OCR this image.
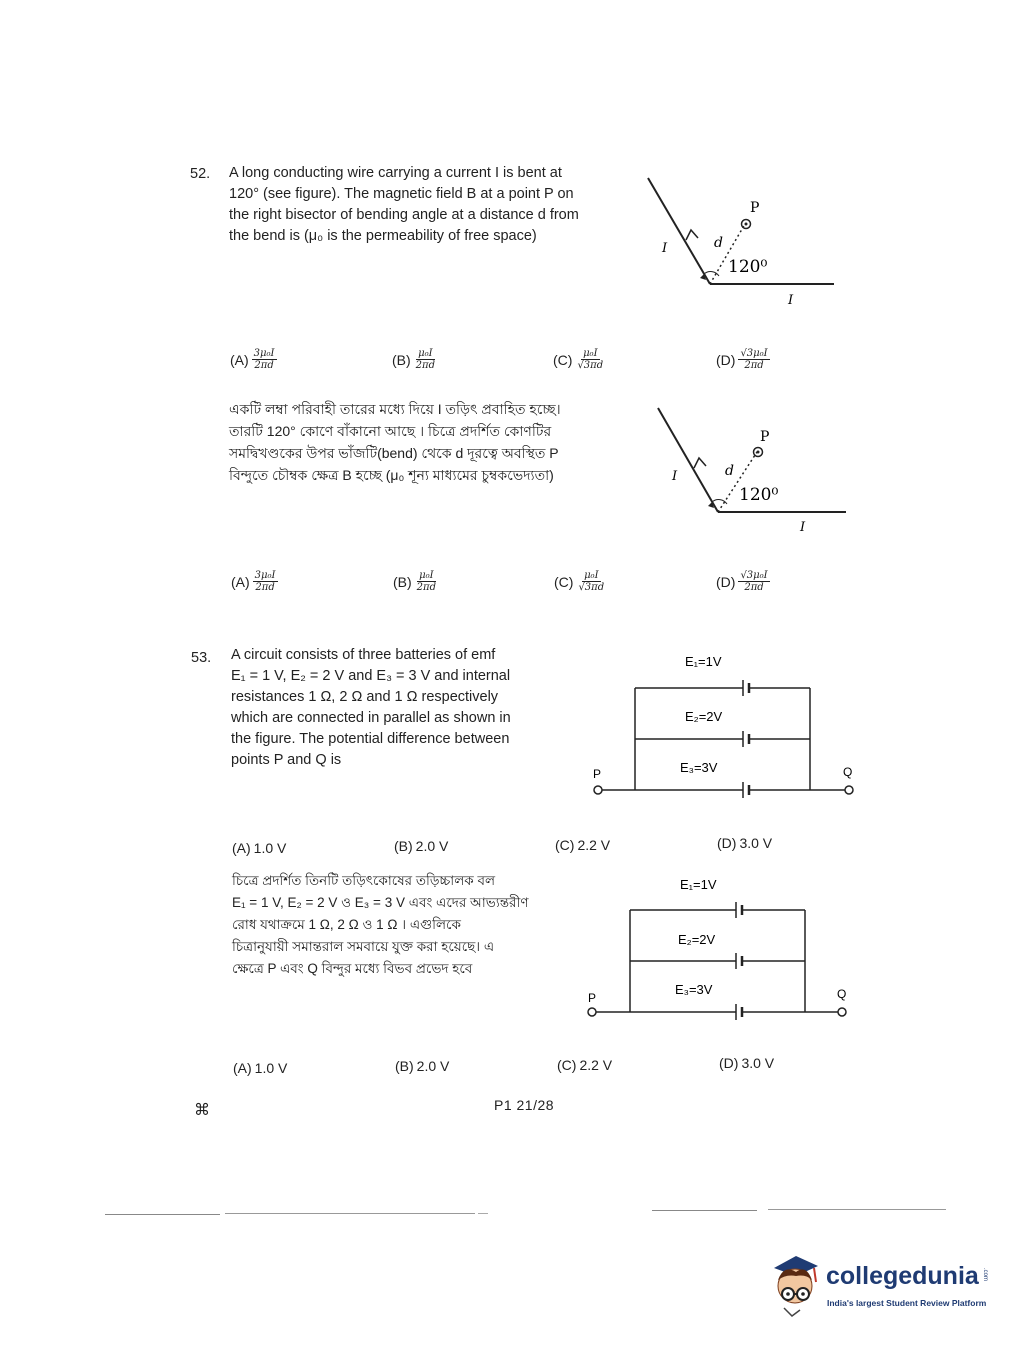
52. A long conducting wire carrying a current I is bent at
120° (see figure). The magnetic field B at a point P on
the right bisector of bending angle at a distance d from
the bend is (μ₀ is the permeability of free space)
P
d
I
120⁰
I
$(A) \frac{\text{3μ₀I}}{2\pi d}$	$(B) \frac{\text{μ₀I}}{2\pi d}$	$(C) \frac{\text{μ₀I}}{√3\pi d}$	$(D) \frac{\text{√3μ₀I}}{2\pi d}$
একটি লম্বা পরিবাহী তারের মধ্যে দিয়ে I তড়িৎ প্রবাহিত হচ্ছে।
তারটি 120° কোণে বাঁকানো আছে । চিত্রে প্রদর্শিত কোণটির
সমদ্বিখণ্ডকের উপর ভাঁজটি(bend) থেকে d দূরত্বে অবস্থিত P
বিন্দুতে চৌম্বক ক্ষেত্র B হচ্ছে (μ₀ শূন্য মাধ্যমের চুম্বকভেদ্যতা)
P
d
I
120⁰
I
$(A) \frac{\text{3μ₀I}}{2\pi d}$	$(B) \frac{\text{μ₀I}}{2\pi d}$	$(C) \frac{\text{μ₀I}}{√3\pi d}$	$(D) \frac{\text{√3μ₀I}}{2\pi d}$
53. A circuit consists of three batteries of emf
E₁ = 1 V, E₂ = 2 V and E₃ = 3 V and internal
resistances 1 Ω, 2 Ω and 1 Ω respectively
which are connected in parallel as shown in
the figure. The potential difference between
points P and Q is
E₁=1V
E₂=2V
E₃=3V
P	Q
(A) 1.0 V	(B) 2.0 V	(C) 2.2 V	(D) 3.0 V
চিত্রে প্রদর্শিত তিনটি তড়িৎকোষের তড়িচ্চালক বল
E₁ = 1 V, E₂ = 2 V ও E₃ = 3 V এবং এদের আভ্যন্তরীণ
রোধ যথাক্রমে 1 Ω, 2 Ω ও 1 Ω । এগুলিকে
চিত্রানুযায়ী সমান্তরাল সমবায়ে যুক্ত করা হয়েছে। এ
ক্ষেত্রে P এবং Q বিন্দুর মধ্যে বিভব প্রভেদ হবে
E₁=1V
E₂=2V
E₃=3V
P	Q
(A) 1.0 V	(B) 2.0 V	(C) 2.2 V	(D) 3.0 V
⌘	P1 21/28
collegedunia .com
India's largest Student Review Platform
